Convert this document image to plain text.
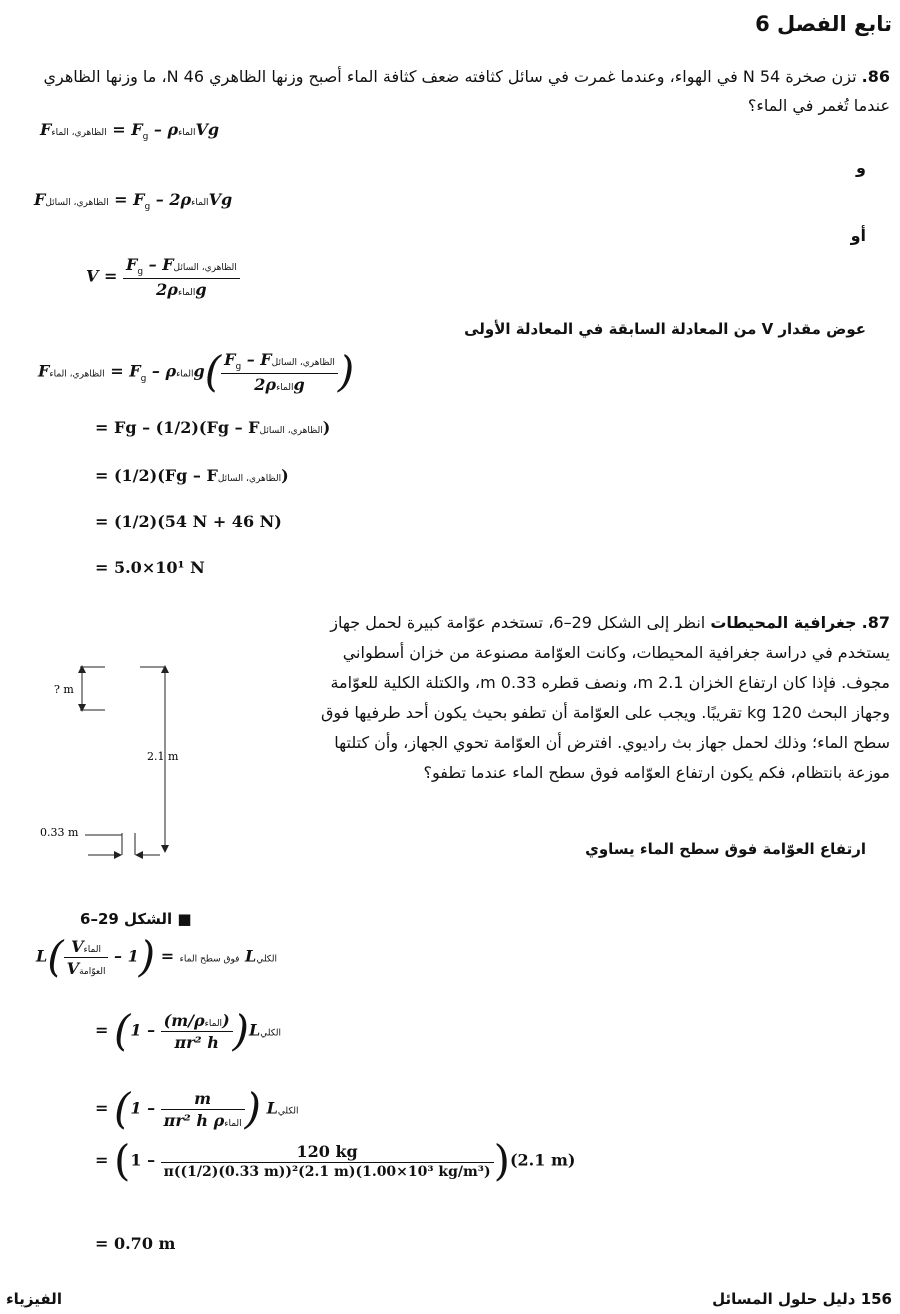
تابع الفصل 6
86. تزن صخرة 54 N في الهواء، وعندما غمرت في سائل كثافته ضعف كثافة الماء أصبح وزنها الظاهري 46 N، ما وزنها الظاهري عندما تُغمر في الماء؟
Fالظاهري، الماء = $F_g$ – ρالماءVg
و
Fالظاهري، السائل = $F_g$ – 2ρالماءVg
أو
$V = \frac{F_g - Fالظاهري، السائل}{\text{2ρالماءg}}$
عوض مقدار V من المعادلة السابقة في المعادلة الأولى
Fالظاهري، الماء = $F_g$ – ρالماءg( $\frac{F_g - Fالظاهري، السائل}{\text{2ρالماءg}}$ )
= Fg – (1/2)(Fg – Fالظاهري، السائل)
= (1/2)(Fg – Fالظاهري، السائل)
= (1/2)(54 N + 46 N)
= 5.0×10¹ N
87. جغرافية المحيطات انظر إلى الشكل 29–6، تستخدم عوّامة كبيرة لحمل جهاز يستخدم في دراسة جغرافية المحيطات، وكانت العوّامة مصنوعة من خزان أسطواني مجوف. فإذا كان ارتفاع الخزان 2.1 m، ونصف قطره 0.33 m، والكتلة الكلية للعوّامة وجهاز البحث 120 kg تقريبًا. ويجب على العوّامة أن تطفو بحيث يكون أحد طرفيها فوق سطح الماء؛ وذلك لحمل جهاز بث راديوي. افترض أن العوّامة تحوي الجهاز، وأن كتلتها موزعة بانتظام، فكم يكون ارتفاع العوّامه فوق سطح الماء عندما تطفو؟
ارتفاع العوّامة فوق سطح الماء يساوي
? m
2.1 m
0.33 m
■ الشكل 29–6
L	فوق سطح الماء = (1 –
$\frac{\text{Vالماء}}{\text{Vالعوّامة}}$
)	Lالكلي
= ($1 - \frac{\text{(m/ρالماء)}}{\text{πr² h}}$ )Lالكلي
= ($1 - \frac{m}{\text{πr² h ρالماء}}$ ) Lالكلي
= $(1 - \frac{120 kg}{\text{π((1/2)(0.33 m))²(2.1 m)(1.00×10³ kg/m³)}} )(2.1$ m)
= 0.70 m
156 دليل حلول المسائل
الفيزياء
